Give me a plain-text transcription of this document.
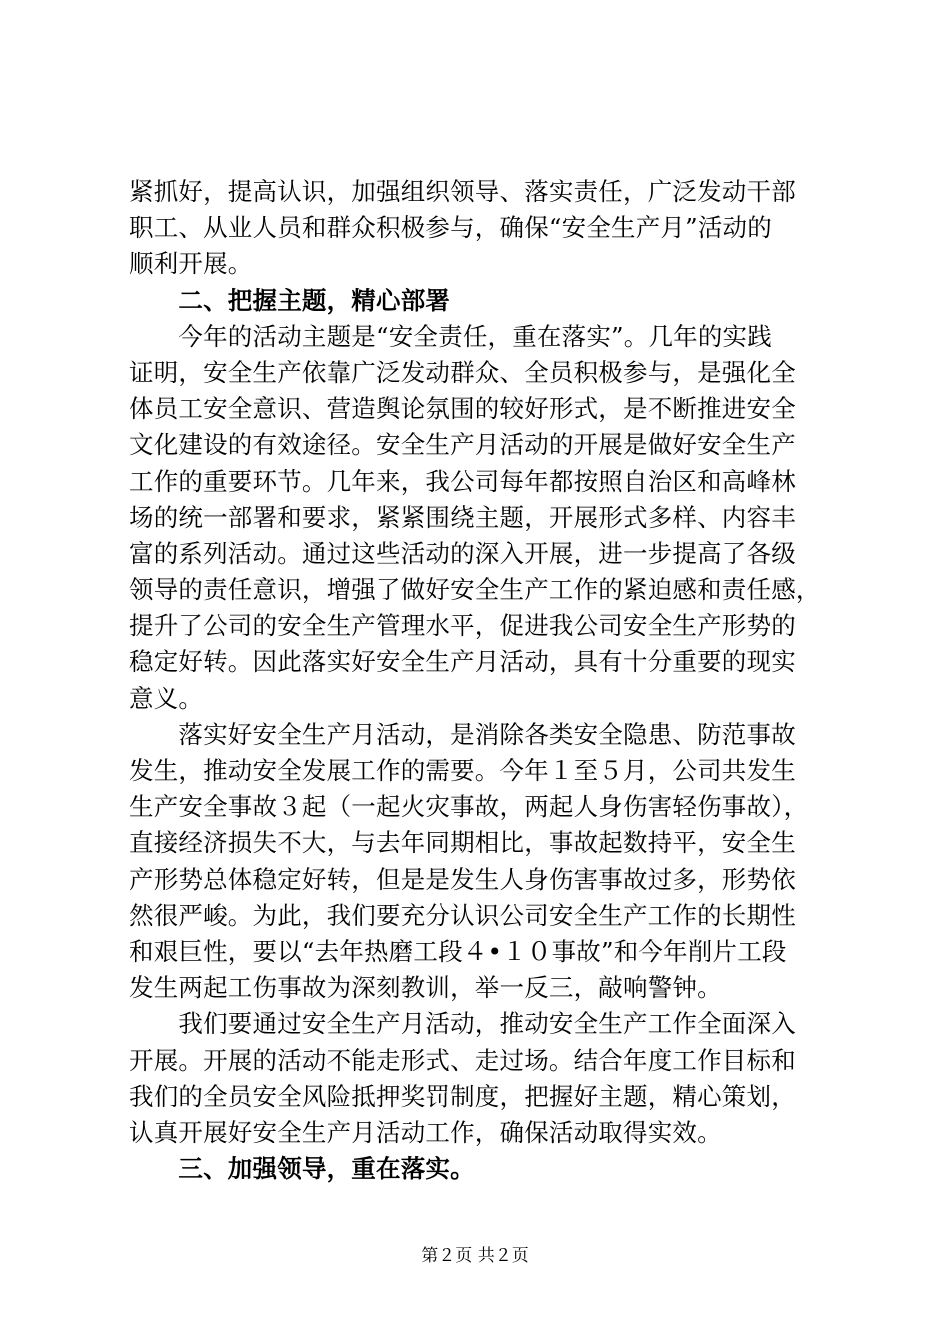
紧抓好，提高认识，加强组织领导、落实责任，广泛发动干部
职工、从业人员和群众积极参与，确保“安全生产月”活动的
顺利开展。
　　二、把握主题，精心部署
　　今年的活动主题是“安全责任，重在落实”。几年的实践
证明，安全生产依靠广泛发动群众、全员积极参与，是强化全
体员工安全意识、营造舆论氛围的较好形式，是不断推进安全
文化建设的有效途径。安全生产月活动的开展是做好安全生产
工作的重要环节。几年来，我公司每年都按照自治区和高峰林
场的统一部署和要求，紧紧围绕主题，开展形式多样、内容丰
富的系列活动。通过这些活动的深入开展，进一步提高了各级
领导的责任意识，增强了做好安全生产工作的紧迫感和责任感，
提升了公司的安全生产管理水平，促进我公司安全生产形势的
稳定好转。因此落实好安全生产月活动，具有十分重要的现实
意义。
　　落实好安全生产月活动，是消除各类安全隐患、防范事故
发生，推动安全发展工作的需要。今年１至５月，公司共发生
生产安全事故３起（一起火灾事故，两起人身伤害轻伤事故），
直接经济损失不大，与去年同期相比，事故起数持平，安全生
产形势总体稳定好转，但是是发生人身伤害事故过多，形势依
然很严峻。为此，我们要充分认识公司安全生产工作的长期性
和艰巨性，要以“去年热磨工段４•１０事故”和今年削片工段
发生两起工伤事故为深刻教训，举一反三，敲响警钟。
　　我们要通过安全生产月活动，推动安全生产工作全面深入
开展。开展的活动不能走形式、走过场。结合年度工作目标和
我们的全员安全风险抵押奖罚制度，把握好主题，精心策划，
认真开展好安全生产月活动工作，确保活动取得实效。
　　三、加强领导，重在落实。
第２页 共２页
